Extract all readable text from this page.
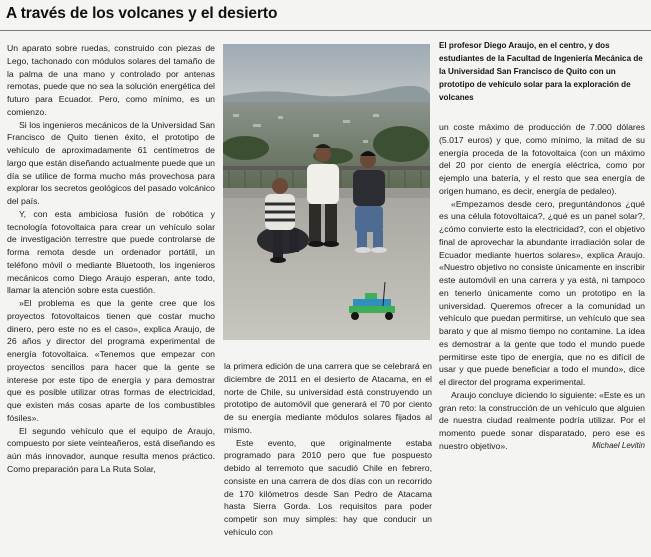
A través de los volcanes y el desierto

Un aparato sobre ruedas, construido con piezas de Lego, tachonado con módulos solares del tamaño de la palma de una mano y controlado por antenas remotas, puede que no sea la solución energética del futuro para Ecuador. Pero, como mínimo, es un comienzo.

Si los ingenieros mecánicos de la Universidad San Francisco de Quito tienen éxito, el prototipo de vehículo de aproximadamente 61 centímetros de largo que están diseñando actualmente puede que un día se utilice de forma mucho más provechosa para explorar los secretos geológicos del pasado volcánico del país.

Y, con esta ambiciosa fusión de robótica y tecnología fotovoltaica para crear un vehículo solar de investigación terrestre que puede controlarse de forma remota desde un ordenador portátil, un teléfono móvil o mediante Bluetooth, los ingenieros mecánicos como Diego Araujo esperan, ante todo, llamar la atención sobre esta cuestión.

»El problema es que la gente cree que los proyectos fotovoltaicos tienen que costar mucho dinero, pero este no es el caso», explica Araujo, de 26 años y director del programa experimental de energía fotovoltaica. «Tenemos que empezar con proyectos sencillos para hacer que la gente se interese por este tipo de energía y para demostrar que es posible utilizar otras formas de electricidad, que existen más cosas aparte de los combustibles fósiles».

El segundo vehículo que el equipo de Araujo, compuesto por siete veinteañeros, está diseñando es aún más innovador, aunque resulta menos práctico. Como preparación para La Ruta Solar,

El profesor Diego Araujo, en el centro, y dos estudiantes de la Facultad de Ingeniería Mecánica de la Universidad San Francisco de Quito con un prototipo de vehículo solar para la exploración de volcanes

la primera edición de una carrera que se celebrará en diciembre de 2011 en el desierto de Atacama, en el norte de Chile, su universidad está construyendo un prototipo de automóvil que generará el 70 por ciento de su energía mediante módulos solares fijados al mismo.

Este evento, que originalmente estaba programado para 2010 pero que fue pospuesto debido al terremoto que sacudió Chile en febrero, consiste en una carrera de dos días con un recorrido de 170 kilómetros desde San Pedro de Atacama hasta Sierra Gorda. Los requisitos para poder competir son muy simples: hay que conducir un vehículo con

un coste máximo de producción de 7.000 dólares (5.017 euros) y que, como mínimo, la mitad de su energía proceda de la fotovoltaica (con un máximo del 20 por ciento de energía eléctrica, como por ejemplo una batería, y el resto que sea energía de origen humano, es decir, energía de pedaleo).

«Empezamos desde cero, preguntándonos ¿qué es una célula fotovoltaica?, ¿qué es un panel solar?, ¿cómo convierte esto la electricidad?, con el objetivo final de aprovechar la abundante irradiación solar de Ecuador mediante huertos solares», explica Araujo. «Nuestro objetivo no consiste únicamente en inscribir este automóvil en una carrera y ya está, ni tampoco en tenerlo únicamente como un prototipo en la universidad. Queremos ofrecer a la comunidad un vehículo que puedan permitirse, un vehículo que sea barato y que al mismo tiempo no contamine. La idea es demostrar a la gente que todo el mundo puede permitirse este tipo de energía, que no es difícil de usar y que puede beneficiar a todo el mundo», dice el director del programa experimental.

Araujo concluye diciendo lo siguiente: «Este es un gran reto: la construcción de un vehículo que alguien de nuestra ciudad realmente podría utilizar. Por el momento puede sonar disparatado, pero ese es nuestro objetivo».	Michael Levitin
